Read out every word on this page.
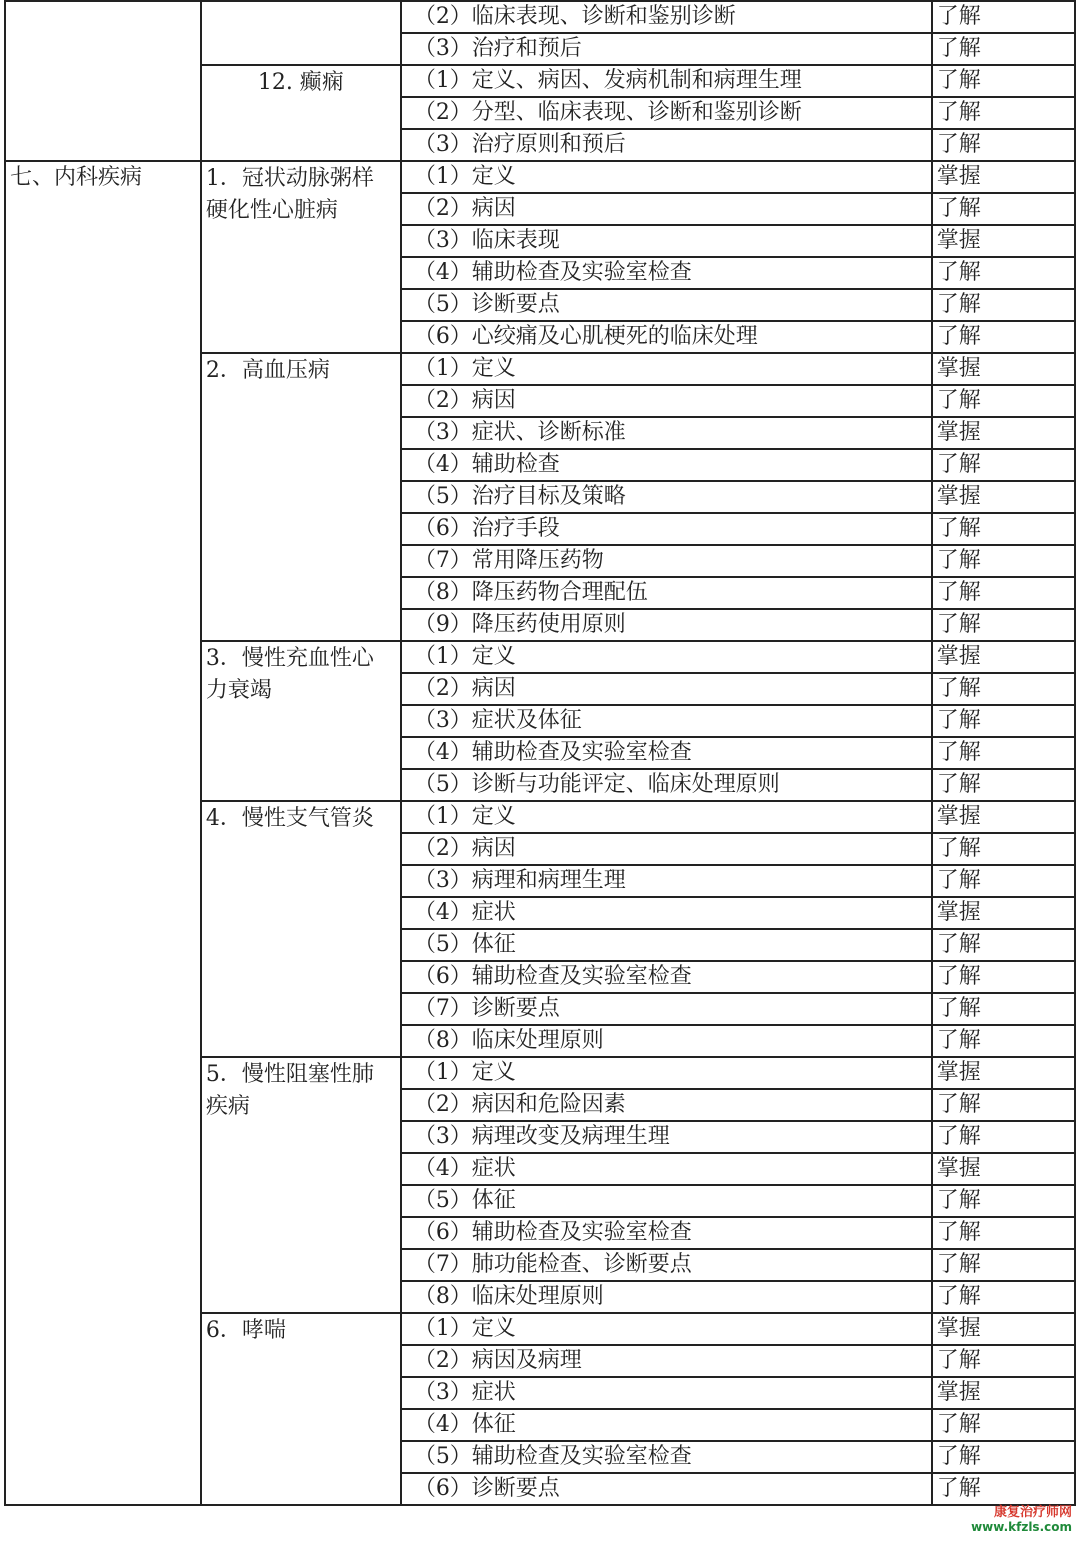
		（2）临床表现、诊断和鉴别诊断	了解
		（3）治疗和预后	了解
	12. 癫痫	（1）定义、病因、发病机制和病理生理	了解
		（2）分型、临床表现、诊断和鉴别诊断	了解
		（3）治疗原则和预后	了解
七、内科疾病	1．冠状动脉粥样硬化性心脏病	（1）定义	掌握
		（2）病因	了解
		（3）临床表现	掌握
		（4）辅助检查及实验室检查	了解
		（5）诊断要点	了解
		（6）心绞痛及心肌梗死的临床处理	了解
	2．高血压病	（1）定义	掌握
		（2）病因	了解
		（3）症状、诊断标准	掌握
		（4）辅助检查	了解
		（5）治疗目标及策略	掌握
		（6）治疗手段	了解
		（7）常用降压药物	了解
		（8）降压药物合理配伍	了解
		（9）降压药使用原则	了解
	3．慢性充血性心力衰竭	（1）定义	掌握
		（2）病因	了解
		（3）症状及体征	了解
		（4）辅助检查及实验室检查	了解
		（5）诊断与功能评定、临床处理原则	了解
	4．慢性支气管炎	（1）定义	掌握
		（2）病因	了解
		（3）病理和病理生理	了解
		（4）症状	掌握
		（5）体征	了解
		（6）辅助检查及实验室检查	了解
		（7）诊断要点	了解
		（8）临床处理原则	了解
	5．慢性阻塞性肺疾病	（1）定义	掌握
		（2）病因和危险因素	了解
		（3）病理改变及病理生理	了解
		（4）症状	掌握
		（5）体征	了解
		（6）辅助检查及实验室检查	了解
		（7）肺功能检查、诊断要点	了解
		（8）临床处理原则	了解
	6．哮喘	（1）定义	掌握
		（2）病因及病理	了解
		（3）症状	掌握
		（4）体征	了解
		（5）辅助检查及实验室检查	了解
		（6）诊断要点	了解
康复治疗师网
www.kfzls.com
